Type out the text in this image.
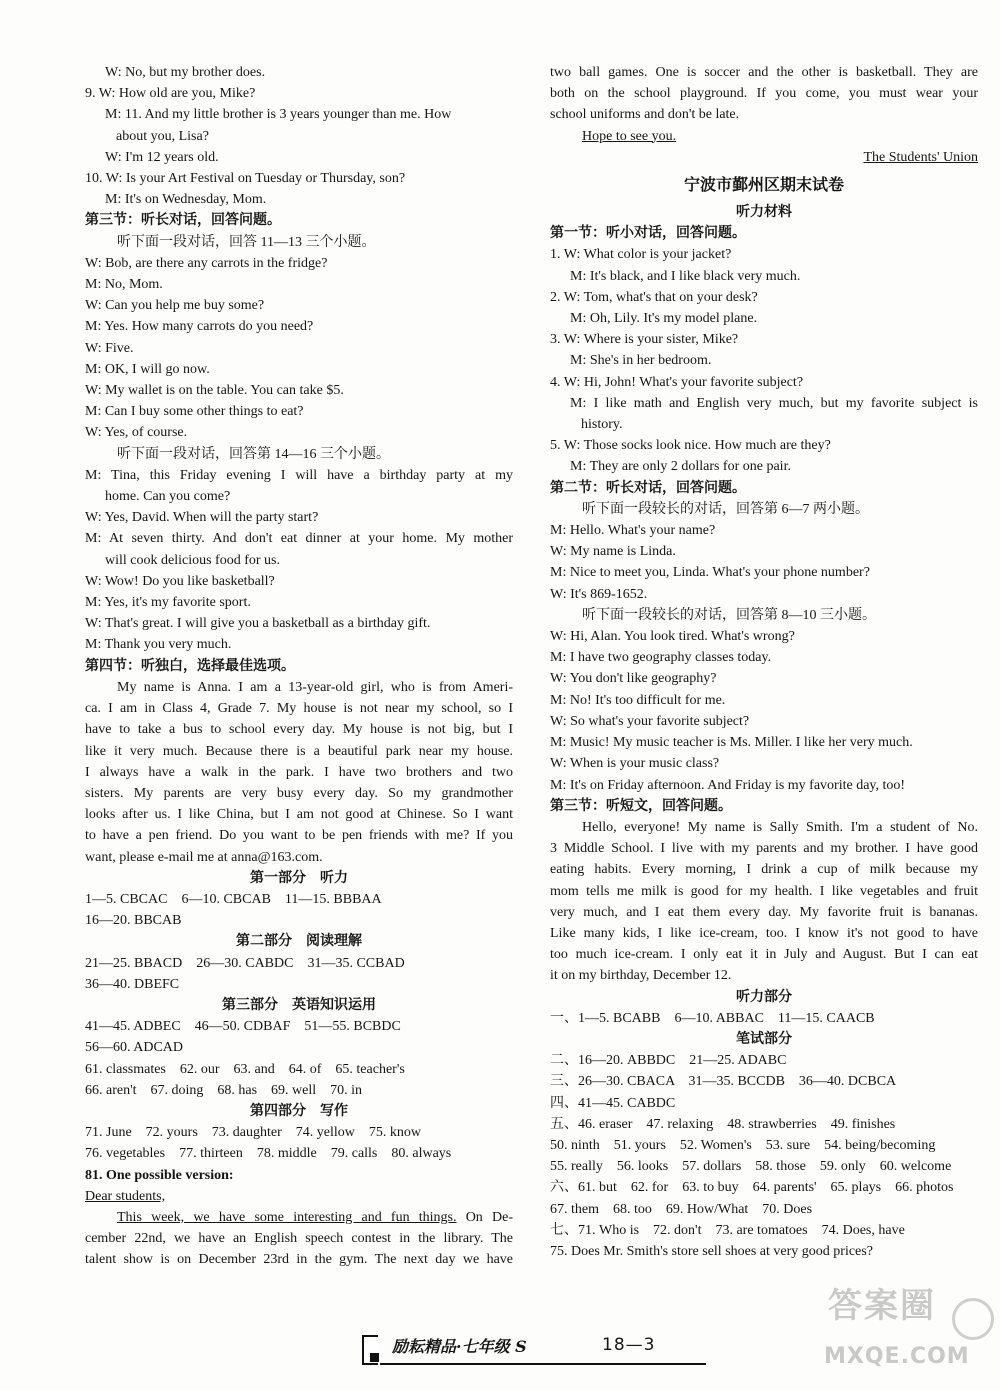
W: No, but my brother does.
9. W: How old are you, Mike?
M: 11. And my little brother is 3 years younger than me. How
about you, Lisa?
W: I'm 12 years old.
10. W: Is your Art Festival on Tuesday or Thursday, son?
M: It's on Wednesday, Mom.
第三节：听长对话，回答问题。
听下面一段对话，回答 11—13 三个小题。
W: Bob, are there any carrots in the fridge?
M: No, Mom.
W: Can you help me buy some?
M: Yes. How many carrots do you need?
W: Five.
M: OK, I will go now.
W: My wallet is on the table. You can take $5.
M: Can I buy some other things to eat?
W: Yes, of course.
听下面一段对话，回答第 14—16 三个小题。
M: Tina, this Friday evening I will have a birthday party at my
home. Can you come?
W: Yes, David. When will the party start?
M: At seven thirty. And don't eat dinner at your home. My mother
will cook delicious food for us.
W: Wow! Do you like basketball?
M: Yes, it's my favorite sport.
W: That's great. I will give you a basketball as a birthday gift.
M: Thank you very much.
第四节：听独白，选择最佳选项。
My name is Anna. I am a 13-year-old girl, who is from Ameri-
ca. I am in Class 4, Grade 7. My house is not near my school, so I
have to take a bus to school every day. My house is not big, but I
like it very much. Because there is a beautiful park near my house.
I always have a walk in the park. I have two brothers and two
sisters. My parents are very busy every day. So my grandmother
looks after us. I like China, but I am not good at Chinese. So I want
to have a pen friend. Do you want to be pen friends with me? If you
want, please e-mail me at anna@163.com.
第一部分　听力
1—5. CBCAC　6—10. CBCAB　11—15. BBBAA
16—20. BBCAB
第二部分　阅读理解
21—25. BBACD　26—30. CABDC　31—35. CCBAD
36—40. DBEFC
第三部分　英语知识运用
41—45. ADBEC　46—50. CDBAF　51—55. BCBDC
56—60. ADCAD
61. classmates　62. our　63. and　64. of　65. teacher's
66. aren't　67. doing　68. has　69. well　70. in
第四部分　写作
71. June　72. yours　73. daughter　74. yellow　75. know
76. vegetables　77. thirteen　78. middle　79. calls　80. always
81. One possible version:
Dear students,
This week, we have some interesting and fun things. On De-
cember 22nd, we have an English speech contest in the library. The
talent show is on December 23rd in the gym. The next day we have
two ball games. One is soccer and the other is basketball. They are
both on the school playground. If you come, you must wear your
school uniforms and don't be late.
Hope to see you.
The Students' Union
宁波市鄞州区期末试卷
听力材料
第一节：听小对话，回答问题。
1. W: What color is your jacket?
M: It's black, and I like black very much.
2. W: Tom, what's that on your desk?
M: Oh, Lily. It's my model plane.
3. W: Where is your sister, Mike?
M: She's in her bedroom.
4. W: Hi, John! What's your favorite subject?
M: I like math and English very much, but my favorite subject is
history.
5. W: Those socks look nice. How much are they?
M: They are only 2 dollars for one pair.
第二节：听长对话，回答问题。
听下面一段较长的对话，回答第 6—7 两小题。
M: Hello. What's your name?
W: My name is Linda.
M: Nice to meet you, Linda. What's your phone number?
W: It's 869-1652.
听下面一段较长的对话，回答第 8—10 三小题。
W: Hi, Alan. You look tired. What's wrong?
M: I have two geography classes today.
W: You don't like geography?
M: No! It's too difficult for me.
W: So what's your favorite subject?
M: Music! My music teacher is Ms. Miller. I like her very much.
W: When is your music class?
M: It's on Friday afternoon. And Friday is my favorite day, too!
第三节：听短文，回答问题。
Hello, everyone! My name is Sally Smith. I'm a student of No.
3 Middle School. I live with my parents and my brother. I have good
eating habits. Every morning, I drink a cup of milk because my
mom tells me milk is good for my health. I like vegetables and fruit
very much, and I eat them every day. My favorite fruit is bananas.
Like many kids, I like ice-cream, too. I know it's not good to have
too much ice-cream. I only eat it in July and August. But I can eat
it on my birthday, December 12.
听力部分
一、1—5. BCABB　6—10. ABBAC　11—15. CAACB
笔试部分
二、16—20. ABBDC　21—25. ADABC
三、26—30. CBACA　31—35. BCCDB　36—40. DCBCA
四、41—45. CABDC
五、46. eraser　47. relaxing　48. strawberries　49. finishes
50. ninth　51. yours　52. Women's　53. sure　54. being/becoming
55. really　56. looks　57. dollars　58. those　59. only　60. welcome
六、61. but　62. for　63. to buy　64. parents'　65. plays　66. photos
67. them　68. too　69. How/What　70. Does
七、71. Who is　72. don't　73. are tomatoes　74. Does, have
75. Does Mr. Smith's store sell shoes at very good prices?
励耘精品·七年级 S	18—3
答案圈
MXQE.COM
